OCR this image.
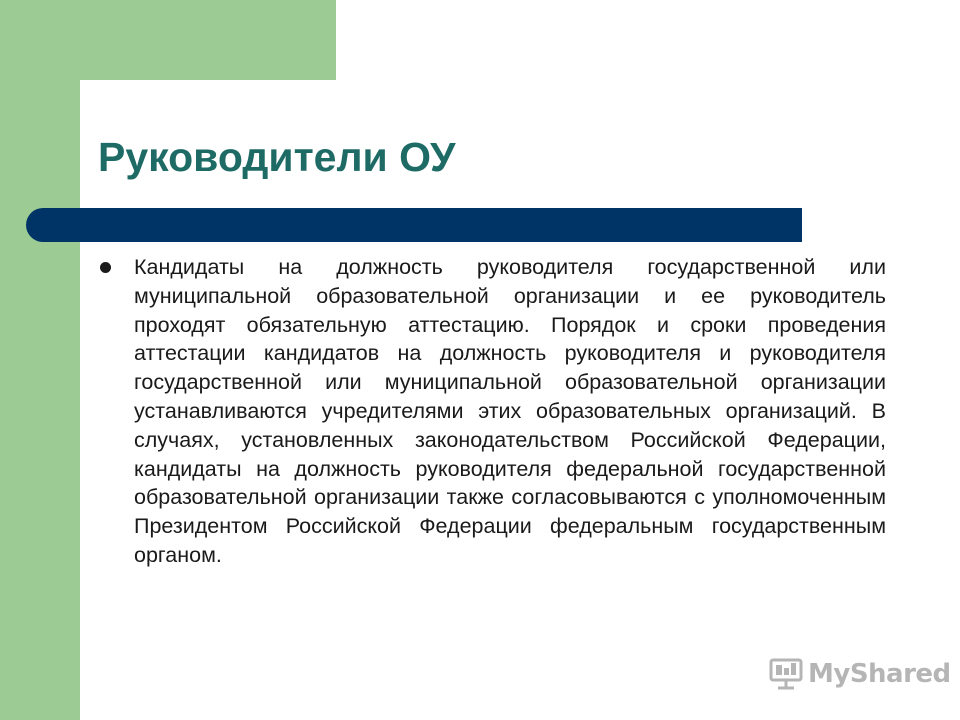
Руководители ОУ
Кандидаты на должность руководителя государственной или муниципальной образовательной организации и ее руководитель проходят обязательную аттестацию. Порядок и сроки проведения аттестации кандидатов на должность руководителя и руководителя государственной или муниципальной образовательной организации устанавливаются учредителями этих образовательных организаций. В случаях, установленных законодательством Российской Федерации, кандидаты на должность руководителя федеральной государственной образовательной организации также согласовываются с уполномоченным Президентом Российской Федерации федеральным государственным органом.
MyShared
